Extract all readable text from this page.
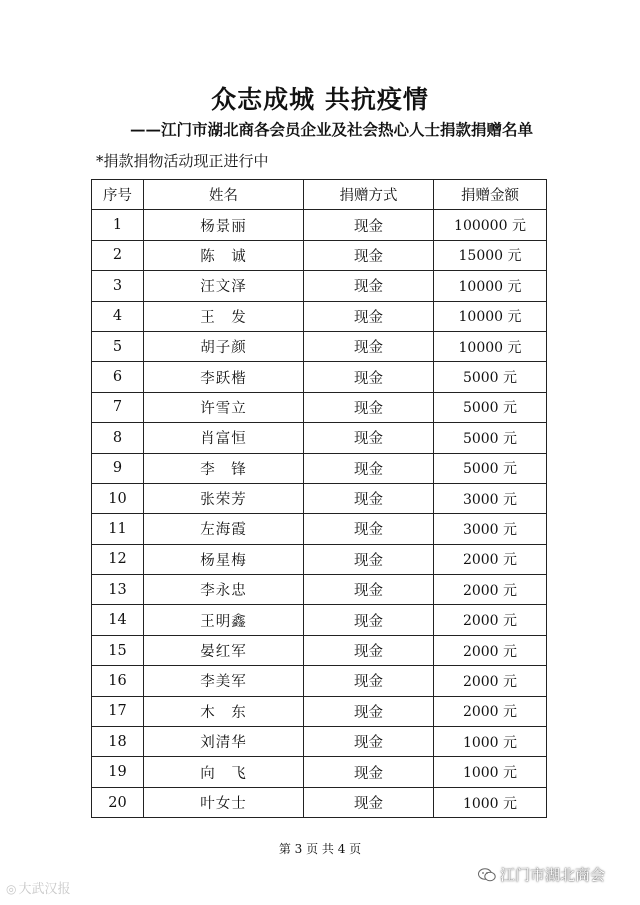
众志成城 共抗疫情
——江门市湖北商各会员企业及社会热心人士捐款捐赠名单
*捐款捐物活动现正进行中
序号	姓名	捐赠方式	捐赠金额
1	杨景丽	现金	100000 元
2	陈　诚	现金	15000 元
3	汪文泽	现金	10000 元
4	王　发	现金	10000 元
5	胡子颜	现金	10000 元
6	李跃楷	现金	5000 元
7	许雪立	现金	5000 元
8	肖富恒	现金	5000 元
9	李　锋	现金	5000 元
10	张荣芳	现金	3000 元
11	左海霞	现金	3000 元
12	杨星梅	现金	2000 元
13	李永忠	现金	2000 元
14	王明鑫	现金	2000 元
15	晏红军	现金	2000 元
16	李美军	现金	2000 元
17	木　东	现金	2000 元
18	刘清华	现金	1000 元
19	向　飞	现金	1000 元
20	叶女士	现金	1000 元
第 3 页 共 4 页
◎ 大武汉报
江门市湖北商会
